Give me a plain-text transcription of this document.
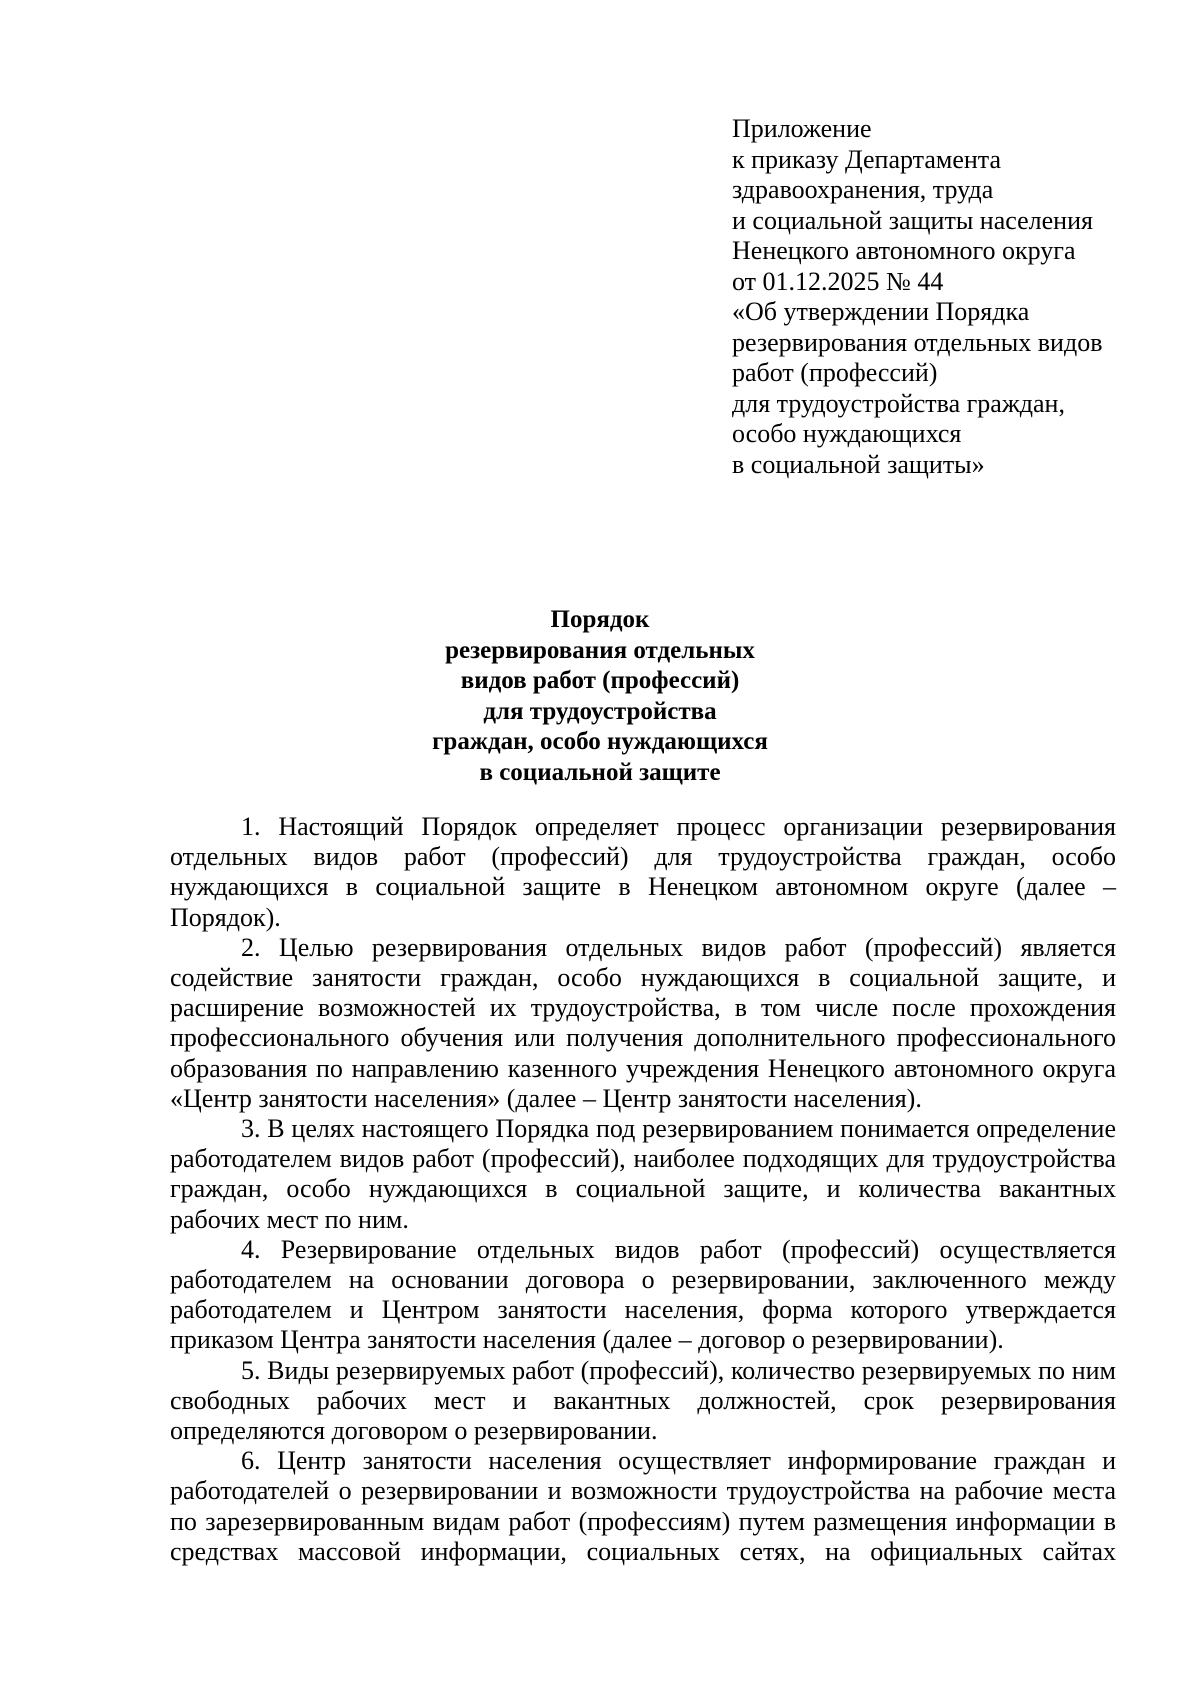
Приложение
к приказу Департамента
здравоохранения, труда
и социальной защиты населения
Ненецкого автономного округа
от 01.12.2025 № 44
«Об утверждении Порядка
резервирования отдельных видов
работ (профессий)
для трудоустройства граждан,
особо нуждающихся
в социальной защиты»
Порядок
резервирования отдельных
видов работ (профессий)
для трудоустройства
граждан, особо нуждающихся
в социальной защите

1. Настоящий Порядок определяет процесс организации резервирования отдельных видов работ (профессий) для трудоустройства граждан, особо нуждающихся в социальной защите в Ненецком автономном округе (далее – Порядок).

2. Целью резервирования отдельных видов работ (профессий) является содействие занятости граждан, особо нуждающихся в социальной защите, и расширение возможностей их трудоустройства, в том числе после прохождения профессионального обучения или получения дополнительного профессионального образования по направлению казенного учреждения Ненецкого автономного округа «Центр занятости населения» (далее – Центр занятости населения).

3. В целях настоящего Порядка под резервированием понимается определение работодателем видов работ (профессий), наиболее подходящих для трудоустройства граждан, особо нуждающихся в социальной защите, и количества вакантных рабочих мест по ним.

4. Резервирование отдельных видов работ (профессий) осуществляется работодателем на основании договора о резервировании, заключенного между работодателем и Центром занятости населения, форма которого утверждается приказом Центра занятости населения (далее – договор о резервировании).

5. Виды резервируемых работ (профессий), количество резервируемых по ним свободных рабочих мест и вакантных должностей, срок резервирования определяются договором о резервировании.

6. Центр занятости населения осуществляет информирование граждан и работодателей о резервировании и возможности трудоустройства на рабочие места по зарезервированным видам работ (профессиям) путем размещения информации в средствах массовой информации, социальных сетях, на официальных сайтах
